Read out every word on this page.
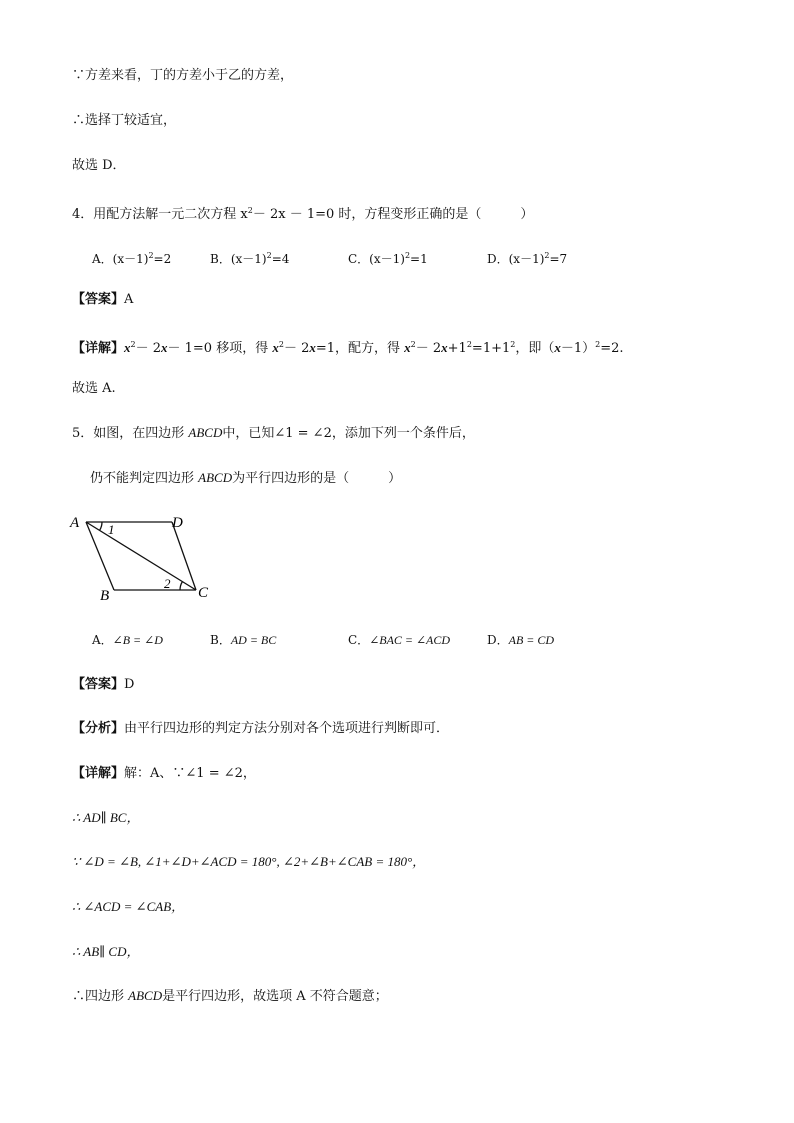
∵方差来看，丁的方差小于乙的方差，
∴选择丁较适宜，
故选 D．
4．用配方法解一元二次方程 $x^2- 2x - 1=0$ 时，方程变形正确的是（　　　）
A．$(x-1)^2=2$	B．$(x-1)^2=4$	C．$(x-1)^2=1$	D．$(x-1)^2=7$
【答案】A
【详解】$x^2- 2x- 1=0$ 移项，得 $x^2- 2x=1$，配方，得 $x^2- 2x+1^2=1+1^2$，即$(x-1)^2=2$.
故选 A.
5．如图，在四边形 ABCD中，已知∠1 = ∠2，添加下列一个条件后，
仍不能判定四边形 ABCD为平行四边形的是（　　　）
A	D
B	C
1
2
A．∠B = ∠D	B．AD = BC	C．∠BAC = ∠ACD	D．AB = CD
【答案】D
【分析】由平行四边形的判定方法分别对各个选项进行判断即可．
【详解】解：A、∵∠1 = ∠2，
∴ AD∥ BC，
∵ ∠D = ∠B, ∠1+∠D+∠ACD = 180°, ∠2+∠B+∠CAB = 180°，
∴ ∠ACD = ∠CAB，
∴ AB∥ CD，
∴四边形 ABCD是平行四边形，故选项 A 不符合题意；
